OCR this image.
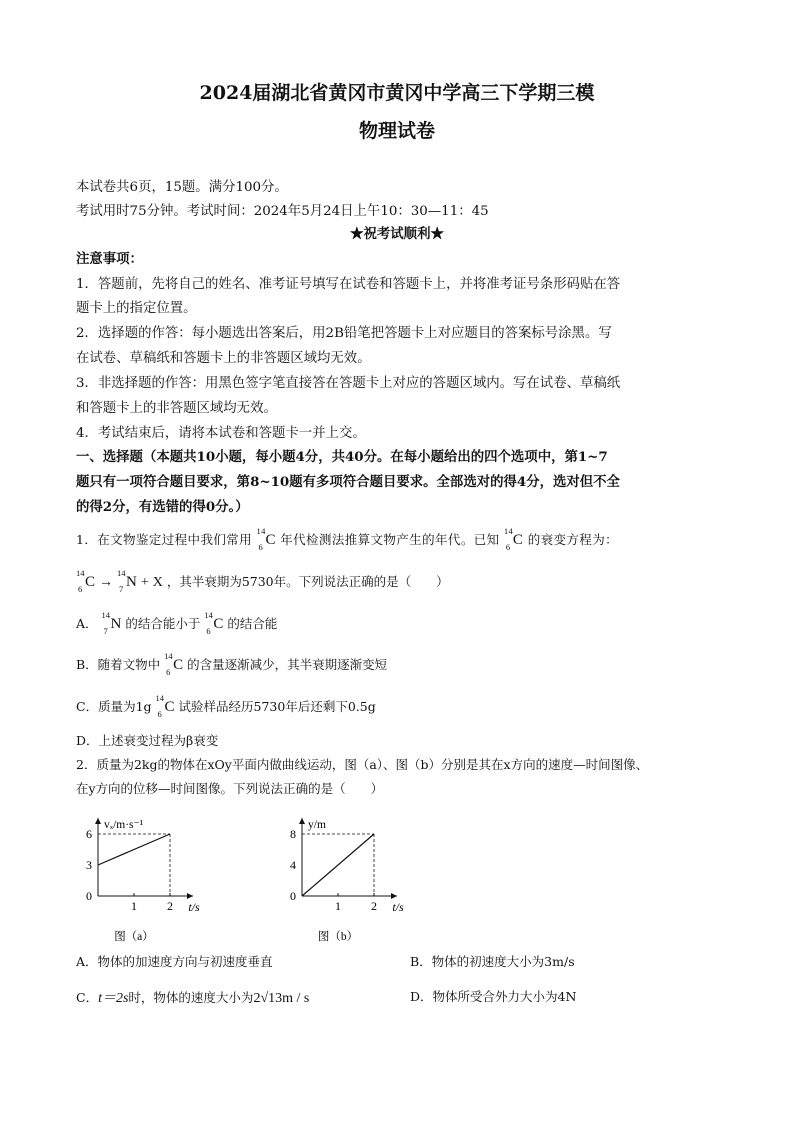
2024届湖北省黄冈市黄冈中学高三下学期三模
物理试卷
本试卷共6页，15题。满分100分。
考试用时75分钟。考试时间：2024年5月24日上午10：30—11：45
★祝考试顺利★
注意事项：
1．答题前，先将自己的姓名、准考证号填写在试卷和答题卡上，并将准考证号条形码贴在答
题卡上的指定位置。
2．选择题的作答：每小题选出答案后，用2B铅笔把答题卡上对应题目的答案标号涂黑。写
在试卷、草稿纸和答题卡上的非答题区域均无效。
3．非选择题的作答：用黑色签字笔直接答在答题卡上对应的答题区域内。写在试卷、草稿纸
和答题卡上的非答题区域均无效。
4．考试结束后，请将本试卷和答题卡一并上交。
一、选择题（本题共10小题，每小题4分，共40分。在每小题给出的四个选项中，第1~7
题只有一项符合题目要求，第8~10题有多项符合题目要求。全部选对的得4分，选对但不全
的得2分，有选错的得0分。）
1．在文物鉴定过程中我们常用
14
6 C 年代检测法推算文物产生的年代。已知
14
6 C 的衰变方程为：
14
6 C →
14
7 N + X ，其半衰期为5730年。下列说法正确的是（　　）
A．
14
7 N 的结合能小于
14
6 C 的结合能
B．随着文物中
14
6 C 的含量逐渐减少，其半衰期逐渐变短
C．质量为1g
14
6 C 试验样品经历5730年后还剩下0.5g
D．上述衰变过程为β衰变
2．质量为2kg的物体在xOy平面内做曲线运动，图（a）、图（b）分别是其在x方向的速度—时间图像、
在y方向的位移—时间图像。下列说法正确的是（　　）
0
3
6
1	2 t/s
vₓ/m·s⁻¹
图（a）
0
4
8
1	2 t/s
y/m
图（b）
A．物体的加速度方向与初速度垂直	B．物体的初速度大小为3m/s
C．t＝2s时，物体的速度大小为2√13m / s	D．物体所受合外力大小为4N
